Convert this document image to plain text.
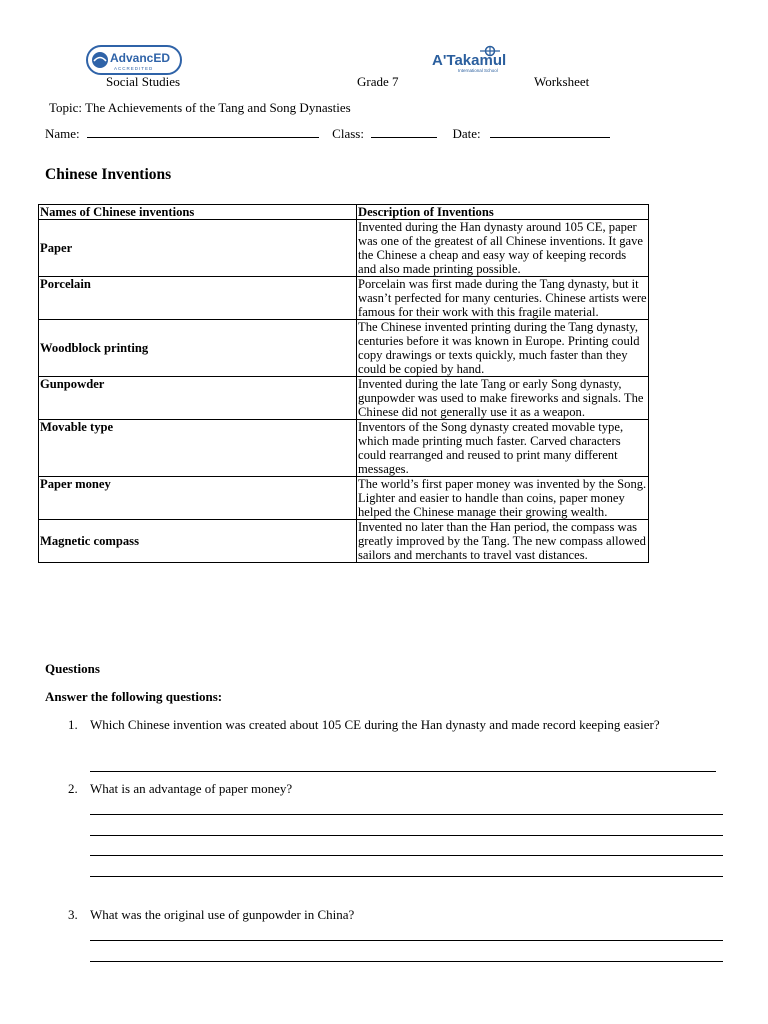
AdvancED
ACCREDITED	A'Takamul
International School
Social Studies	Grade 7	Worksheet
Topic: The Achievements of the Tang and Song Dynasties
Name:	Class:	Date:
Chinese Inventions
Names of Chinese inventions	Description of Inventions
Paper	Invented during the Han dynasty around 105 CE, paper was one of the greatest of all Chinese inventions. It gave the Chinese a cheap and easy way of keeping records and also made printing possible.
Porcelain	Porcelain was first made during the Tang dynasty, but it wasn’t perfected for many centuries. Chinese artists were famous for their work with this fragile material.
Woodblock printing	The Chinese invented printing during the Tang dynasty, centuries before it was known in Europe. Printing could copy drawings or texts quickly, much faster than they could be copied by hand.
Gunpowder	Invented during the late Tang or early Song dynasty, gunpowder was used to make fireworks and signals. The Chinese did not generally use it as a weapon.
Movable type	Inventors of the Song dynasty created movable type, which made printing much faster. Carved characters could rearranged and reused to print many different messages.
Paper money	The world’s first paper money was invented by the Song. Lighter and easier to handle than coins, paper money helped the Chinese manage their growing wealth.
Magnetic compass	Invented no later than the Han period, the compass was greatly improved by the Tang. The new compass allowed sailors and merchants to travel vast distances.
Questions
Answer the following questions:
1. Which Chinese invention was created about 105 CE during the Han dynasty and made record keeping easier?
2. What is an advantage of paper money?
3. What was the original use of gunpowder in China?
